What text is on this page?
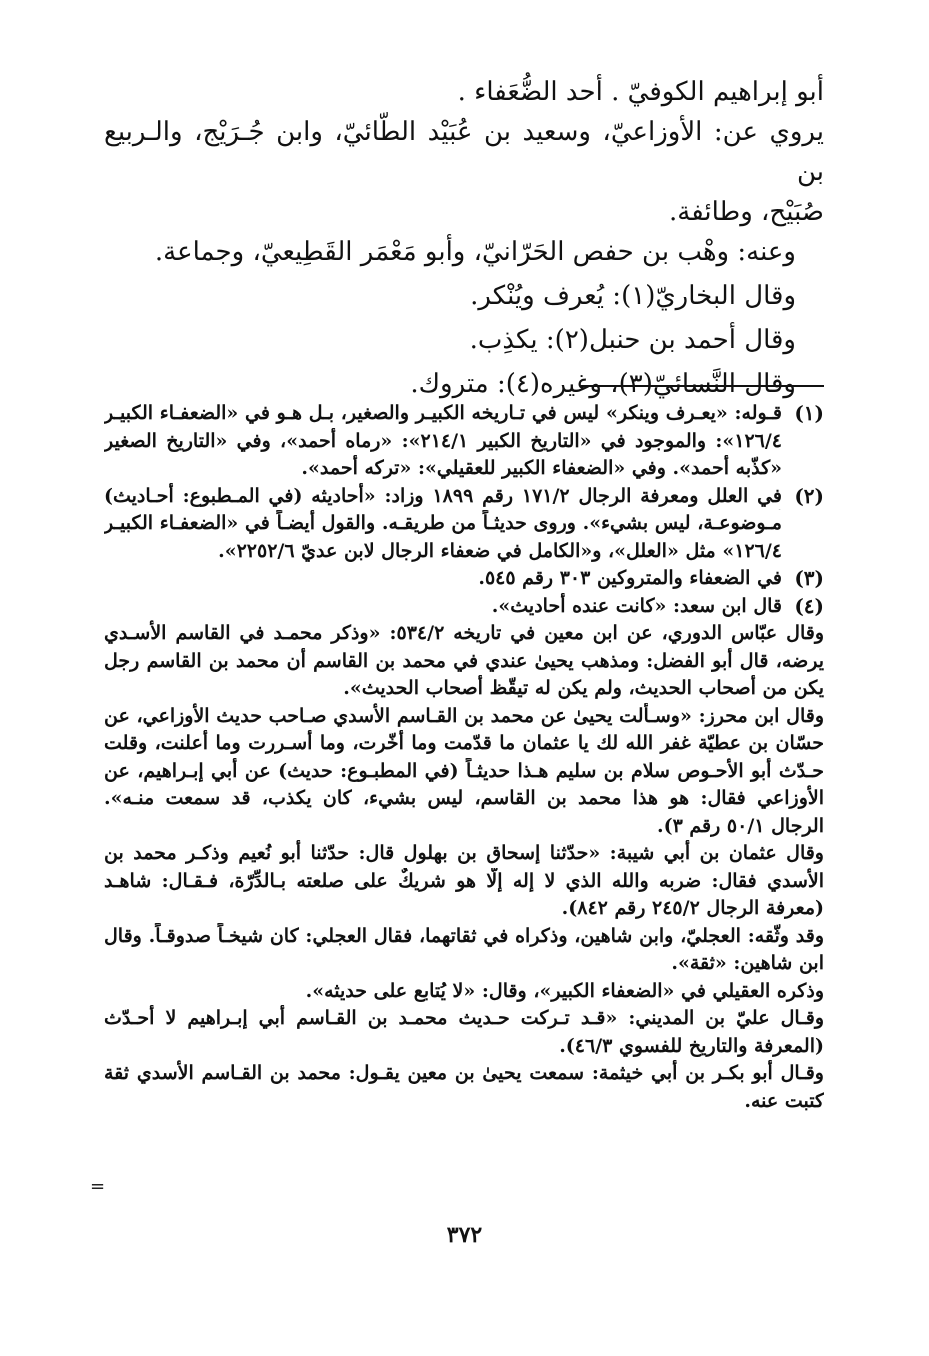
أبو إبراهيم الكوفيّ . أحد الضُّعَفاء .
يروي عن: الأوزاعيّ، وسعيد بن عُبَيْد الطّائيّ، وابن جُـرَيْج، والـربيع بن
صُبَيْح، وطائفة.
وعنه: وهْب بن حفص الحَرّانيّ، وأبو مَعْمَر القَطِيعيّ، وجماعة.
وقال البخاريّ(١): يُعرف ويُنْكر.
وقال أحمد بن حنبل(٢): يكذِب.
وقال النَّسائيّ(٣)، وغيره(٤): متروك.
(١)
قـوله: «يعـرف وينكر» ليس في تـاريخه الكبيـر والصغير، بـل هـو في «الضعفـاء الكبيـر
١٢٦/٤»: والموجود في «التاريخ الكبير ٢١٤/١»: «رماه أحمد»، وفي «التاريخ الصغير
«كذّبه أحمد». وفي «الضعفاء الكبير للعقيلي»: «تركه أحمد».
(٢)
في العلل ومعرفة الرجال ١٧١/٢ رقم ١٨٩٩ وزاد: «أحاديثه (في المـطبوع: أحـاديث)
مـوضوعـة، ليس بشيء». وروى حديثـاً من طريقـه. والقول أيضـاً في «الضعفـاء الكبيـر
١٢٦/٤» مثل «العلل»، و«الكامل في ضعفاء الرجال لابن عديّ ٢٢٥٢/٦».
(٣)
في الضعفاء والمتروكين ٣٠٣ رقم ٥٤٥.
(٤)
قال ابن سعد: «كانت عنده أحاديث».
وقال عبّاس الدوري، عن ابن معين في تاريخه ٥٣٤/٢: «وذكر محمـد في القاسم الأسـدي
يرضه، قال أبو الفضل: ومذهب يحيىٰ عندي في محمد بن القاسم أن محمد بن القاسم رجل
يكن من أصحاب الحديث، ولم يكن له تيقّظ أصحاب الحديث».
وقال ابن محرز: «وسـألت يحيىٰ عن محمد بن القـاسم الأسدي صـاحب حديث الأوزاعي، عن
حسّان بن عطيّة غفر الله لك يا عثمان ما قدّمت وما أخّرت، وما أسـررت وما أعلنت، وقلت
حـدّث أبو الأحـوص سلام بن سليم هـذا حديثـاً (في المطبـوع: حديث) عن أبي إبـراهيم، عن
الأوزاعي فقال: هو هذا محمد بن القاسم، ليس بشيء، كان يكذب، قد سمعت منـه».
الرجال ٥٠/١ رقم ٣).
وقال عثمان بن أبي شيبة: «حدّثنا إسحاق بن بهلول قال: حدّثنا أبو نُعيم وذكـر محمد بن
الأسدي فقال: ضربه والله الذي لا إله إلّا هو شريكٌ على صلعته بـالدِّرّة، فـقـال: شاهـد
(معرفة الرجال ٢٤٥/٢ رقم ٨٤٢).
وقد وثّقه: العجليّ، وابن شاهين، وذكراه في ثقاتهما، فقال العجلي: كان شيخـاً صدوقـاً. وقال
ابن شاهين: «ثقة».
وذكره العقيلي في «الضعفاء الكبير»، وقال: «لا يُتابع على حديثه».
وقـال عليّ بن المديني: «قـد تـركت حـديث محمـد بن القـاسم أبي إبـراهيم لا أحـدّث
(المعرفة والتاريخ للفسوي ٤٦/٣).
وقـال أبو بكـر بن أبي خيثمة: سمعت يحيىٰ بن معين يقـول: محمد بن القـاسم الأسدي ثقة
كتبت عنه.
=
٣٧٢
